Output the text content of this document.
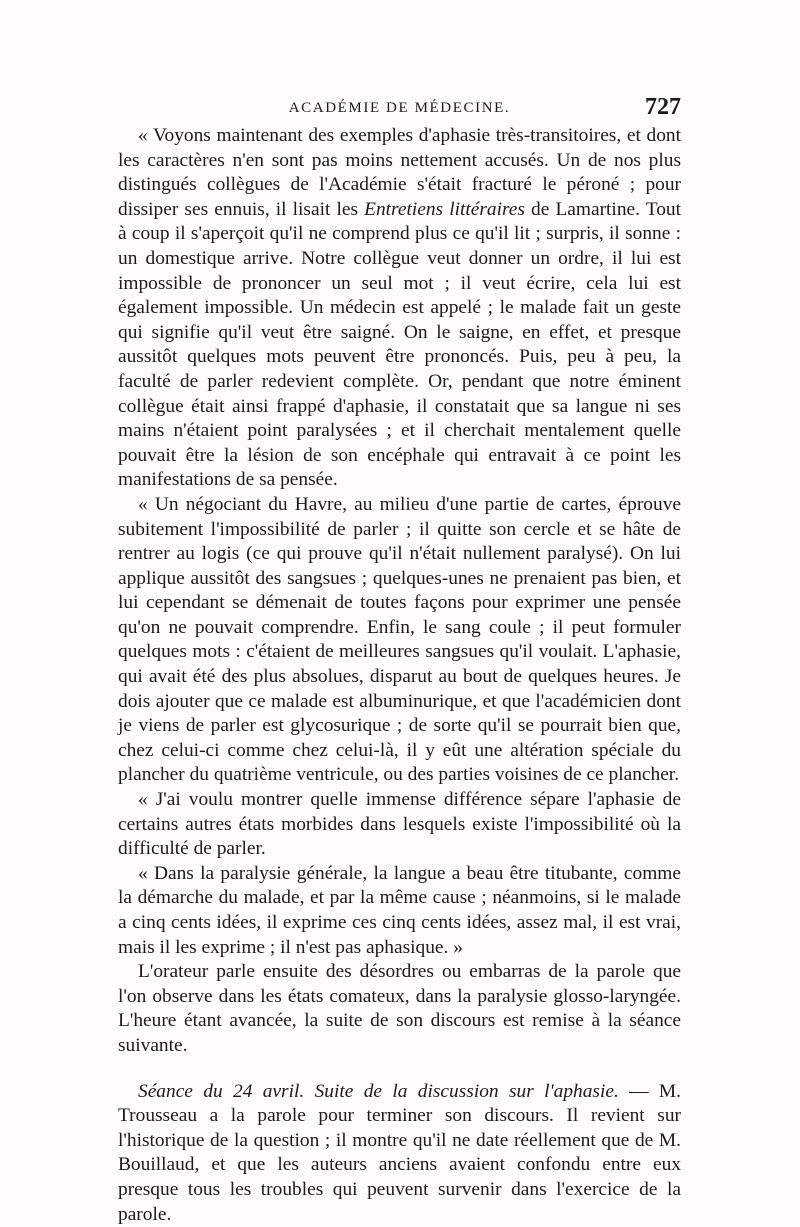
ACADÉMIE DE MÉDECINE.	727

« Voyons maintenant des exemples d'aphasie très-transitoires, et dont les caractères n'en sont pas moins nettement accusés. Un de nos plus distingués collègues de l'Académie s'était fracturé le péroné ; pour dissiper ses ennuis, il lisait les Entretiens littéraires de Lamartine. Tout à coup il s'aperçoit qu'il ne comprend plus ce qu'il lit ; surpris, il sonne : un domestique arrive. Notre collègue veut donner un ordre, il lui est impossible de prononcer un seul mot ; il veut écrire, cela lui est également impossible. Un médecin est appelé ; le malade fait un geste qui signifie qu'il veut être saigné. On le saigne, en effet, et presque aussitôt quelques mots peuvent être prononcés. Puis, peu à peu, la faculté de parler redevient complète. Or, pendant que notre éminent collègue était ainsi frappé d'aphasie, il constatait que sa langue ni ses mains n'étaient point paralysées ; et il cherchait mentalement quelle pouvait être la lésion de son encéphale qui entravait à ce point les manifestations de sa pensée.

« Un négociant du Havre, au milieu d'une partie de cartes, éprouve subitement l'impossibilité de parler ; il quitte son cercle et se hâte de rentrer au logis (ce qui prouve qu'il n'était nullement paralysé). On lui applique aussitôt des sangsues ; quelques-unes ne prenaient pas bien, et lui cependant se démenait de toutes façons pour exprimer une pensée qu'on ne pouvait comprendre. Enfin, le sang coule ; il peut formuler quelques mots : c'étaient de meilleures sangsues qu'il voulait. L'aphasie, qui avait été des plus absolues, disparut au bout de quelques heures. Je dois ajouter que ce malade est albuminurique, et que l'académicien dont je viens de parler est glycosurique ; de sorte qu'il se pourrait bien que, chez celui-ci comme chez celui-là, il y eût une altération spéciale du plancher du quatrième ventricule, ou des parties voisines de ce plancher.

« J'ai voulu montrer quelle immense différence sépare l'aphasie de certains autres états morbides dans lesquels existe l'impossibilité où la difficulté de parler.

« Dans la paralysie générale, la langue a beau être titubante, comme la démarche du malade, et par la même cause ; néanmoins, si le malade a cinq cents idées, il exprime ces cinq cents idées, assez mal, il est vrai, mais il les exprime ; il n'est pas aphasique. »

L'orateur parle ensuite des désordres ou embarras de la parole que l'on observe dans les états comateux, dans la paralysie glosso-laryngée. L'heure étant avancée, la suite de son discours est remise à la séance suivante.

Séance du 24 avril. Suite de la discussion sur l'aphasie. — M. Trousseau a la parole pour terminer son discours. Il revient sur l'historique de la question ; il montre qu'il ne date réellement que de M. Bouillaud, et que les auteurs anciens avaient confondu entre eux presque tous les troubles qui peuvent survenir dans l'exercice de la parole.
